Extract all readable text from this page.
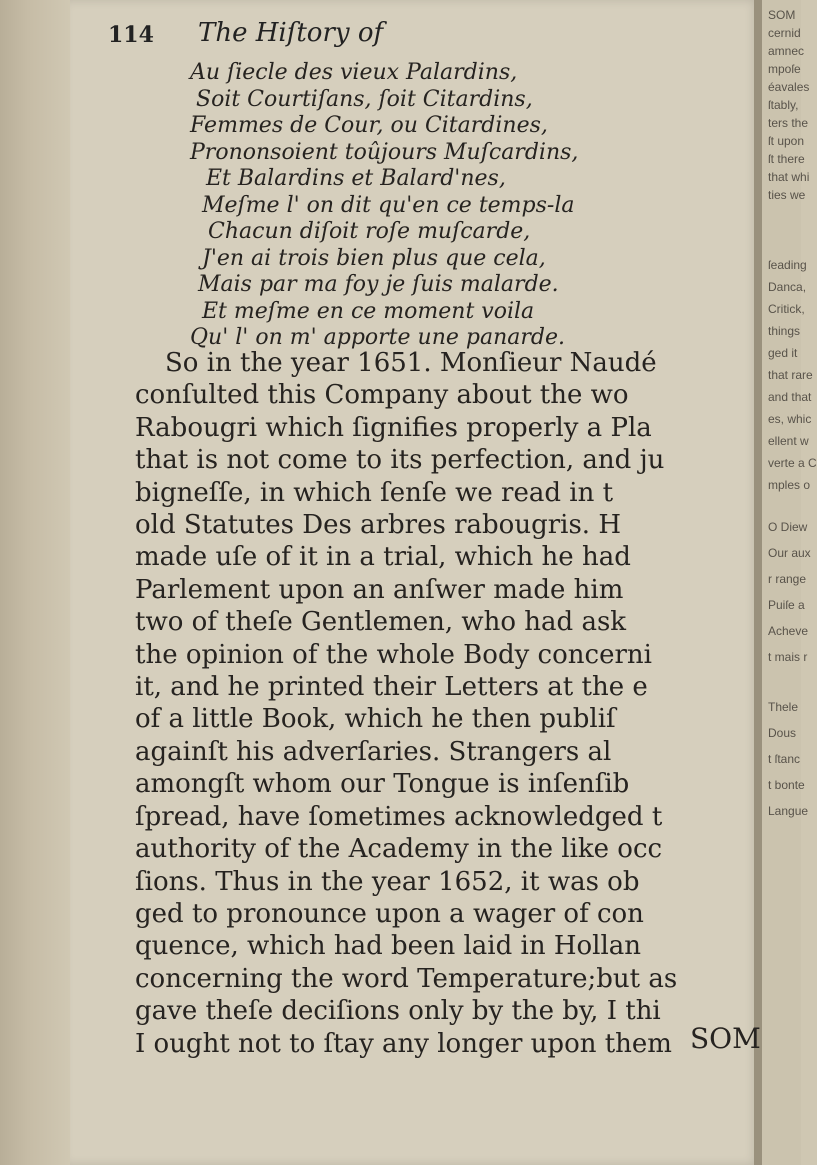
SOM
cernid
amnec
mpoſe
éavales
ſtably,
ters the
ſt upon
ſt there
that whi
ties we
ſeading
Danca,
Critick,
things
ged it
that rare
and that
es, whic
ellent w
verte a C
mples o
O Diew
Our aux
r range
Puiſe a
Acheve
t mais r
Thele
Dous
t ſtanc
t bonte
Langue
114 The Hiſtory of
Au ſiecle des vieux Palardins,
Soit Courtiſans, ſoit Citardins,
Femmes de Cour, ou Citardines,
Prononsoient toûjours Muſcardins,
Et Balardins et Balard'nes,
Meſme l' on dit qu'en ce temps-la
Chacun diſoit roſe muſcarde,
J'en ai trois bien plus que cela,
Mais par ma foy je ſuis malarde.
Et meſme en ce moment voila
Qu' l' on m' apporte une panarde.
So in the year 1651. Monſieur Naudé
conſulted this Company about the wo
Rabougri which ſignifies properly a Pla
that is not come to its perfection, and ju
bigneſſe, in which ſenſe we read in t
old Statutes Des arbres rabougris. H
made uſe of it in a trial, which he had
Parlement upon an anſwer made him
two of theſe Gentlemen, who had ask
the opinion of the whole Body concerni
it, and he printed their Letters at the e
of a little Book, which he then publiſ
againſt his adverſaries. Strangers al
amongſt whom our Tongue is inſenſib
ſpread, have ſometimes acknowledged t
authority of the Academy in the like occ
ſions. Thus in the year 1652, it was ob
ged to pronounce upon a wager of con
quence, which had been laid in Hollan
concerning the word Temperature;but as
gave theſe deciſions only by the by, I thi
I ought not to ſtay any longer upon them SOM
